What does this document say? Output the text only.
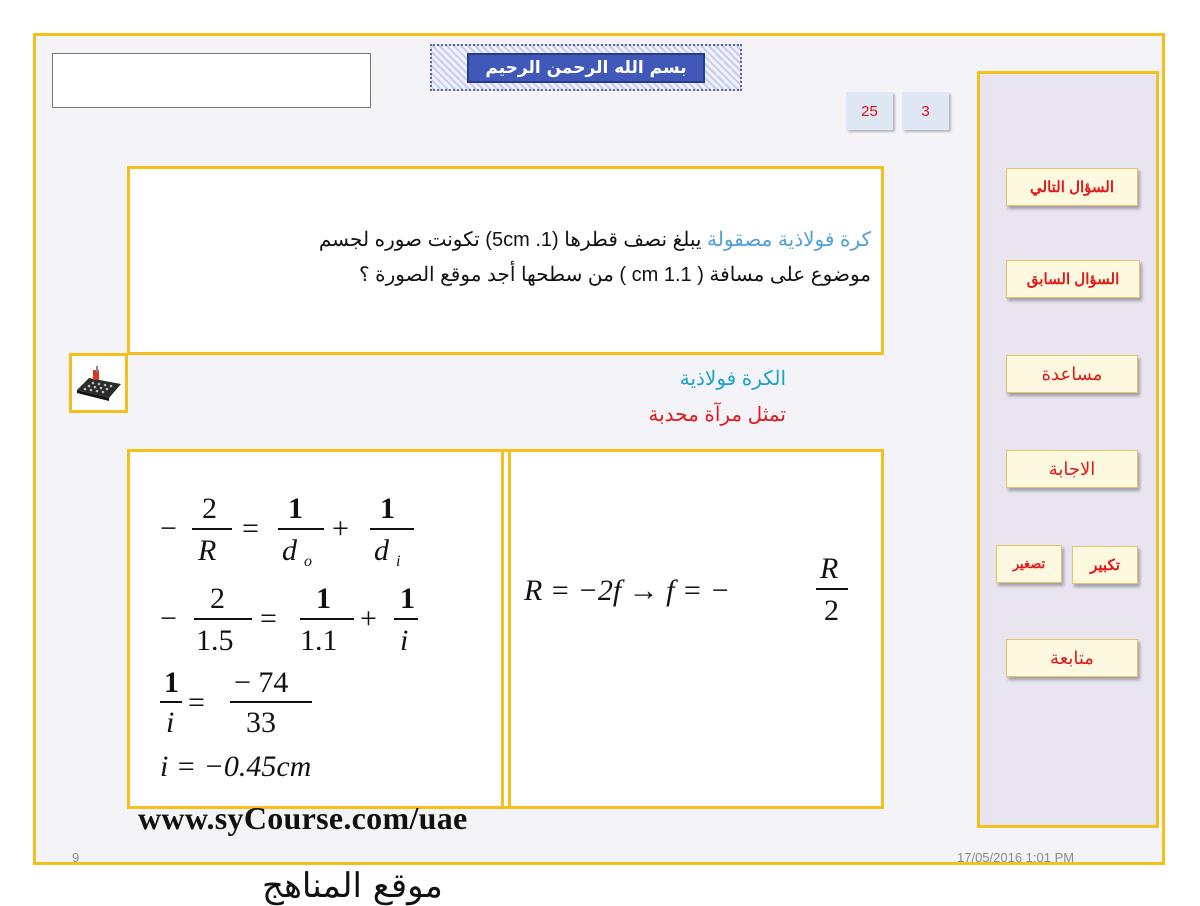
بسم الله الرحمن الرحيم
25	3
كرة فولاذية مصقولة يبلغ نصف قطرها (1. 5cm) تكونت صوره لجسم
موضوع على مسافة ( 1.1 cm ) من سطحها أجد موقع الصورة ؟
الكرة فولاذية
تمثل مرآة محدبة
−
2
R
=
1
d o
+
1
d i
−
2
1.5
=
1
1.1
+
1
i
1
i
=
− 74
33
i = −0.45cm
R = −2f → f = −
R
2
السؤال التالي
السؤال السابق
مساعدة
الاجابة
تكبير
تصغير
متابعة
www.syCourse.com/uae
9	17/05/2016 1:01 PM
موقع المناهج
